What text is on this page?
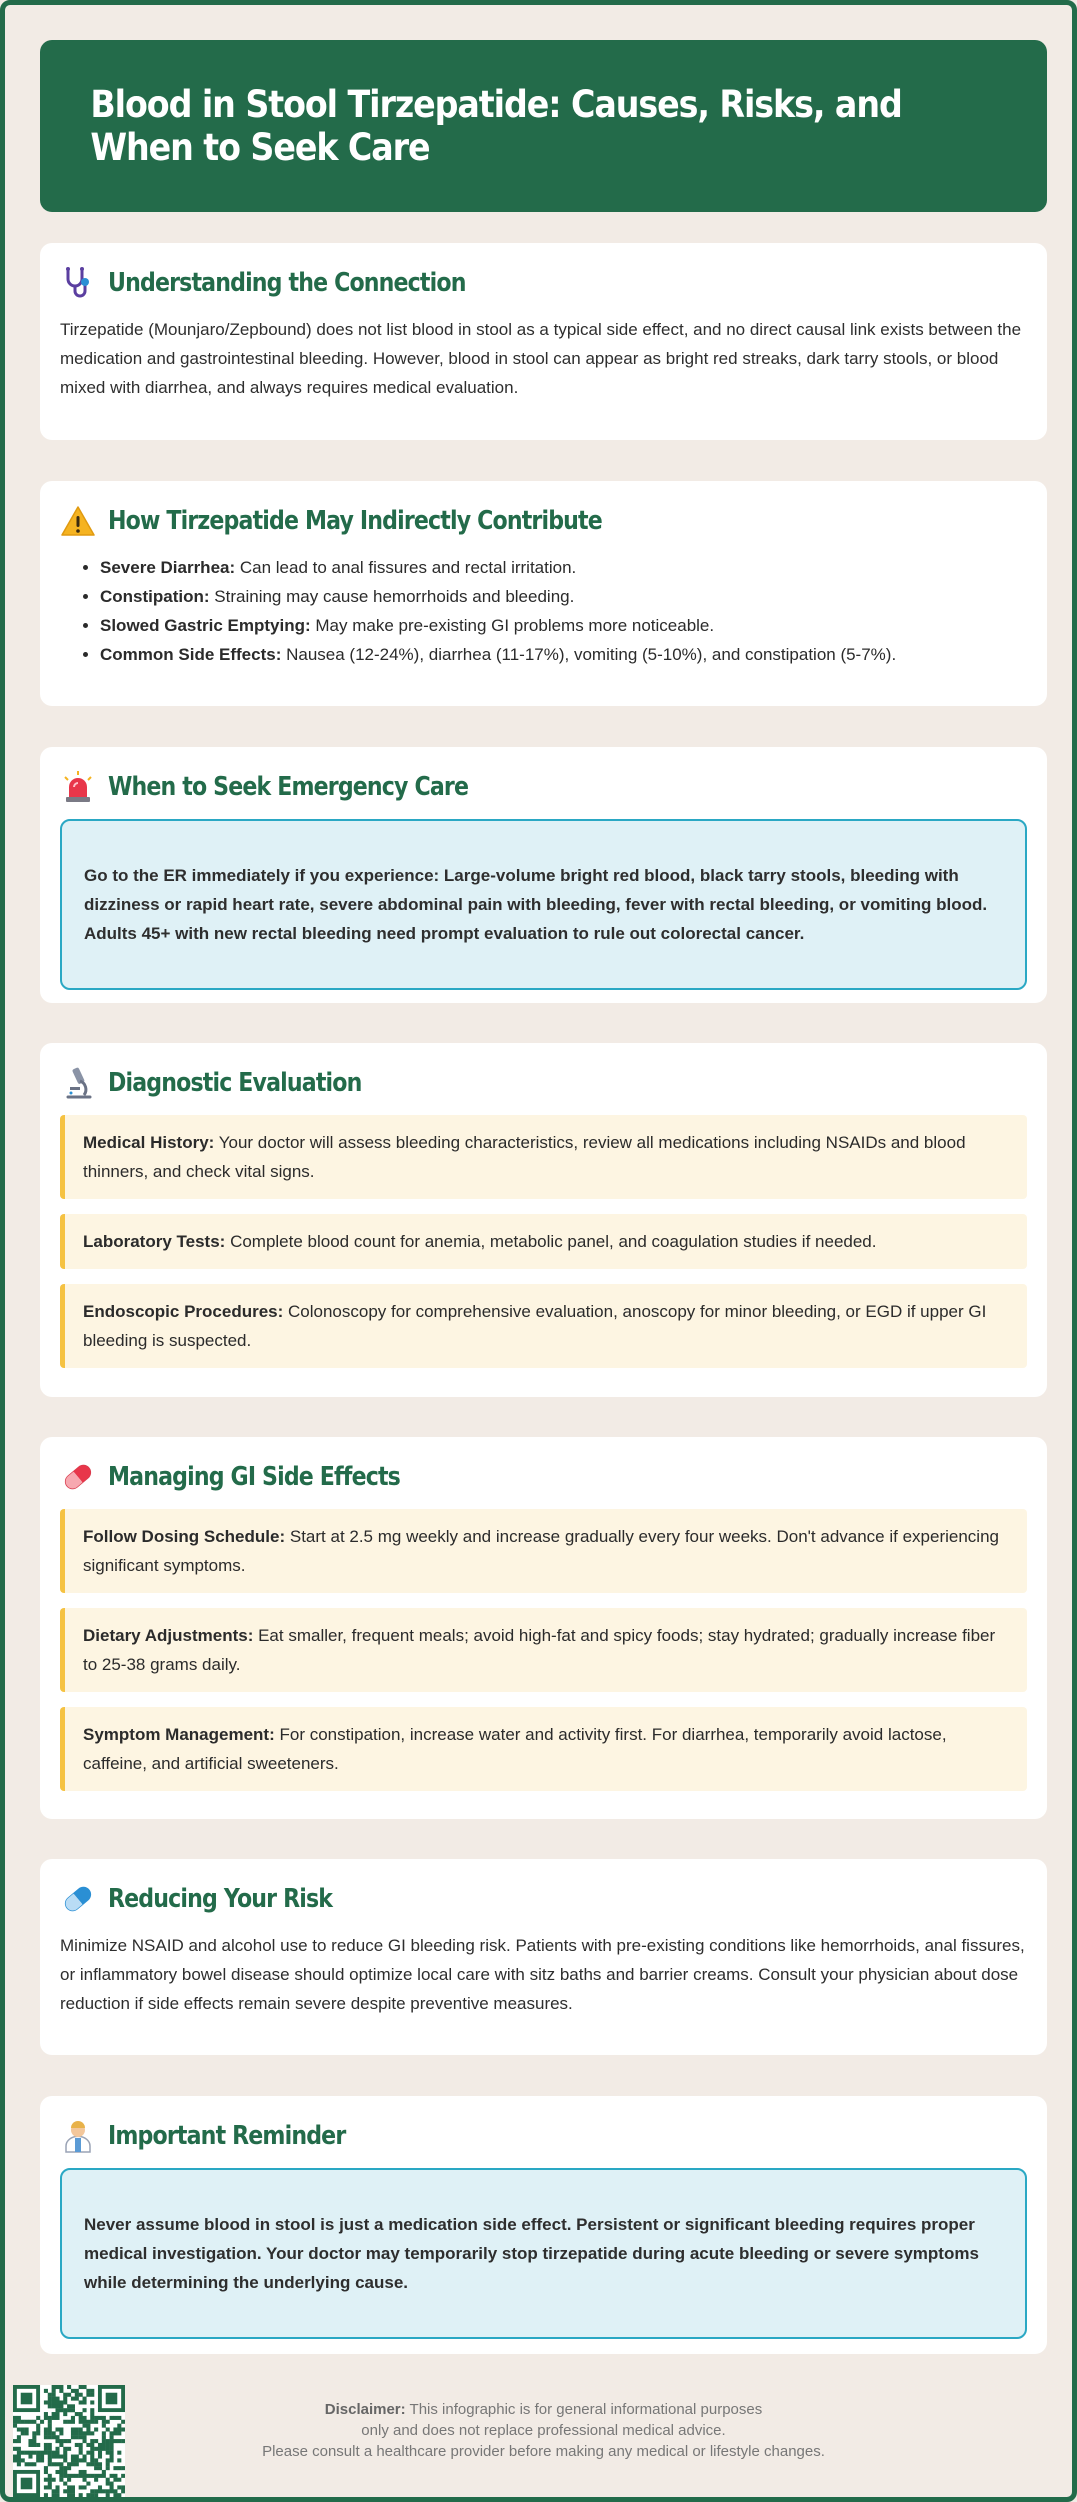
Blood in Stool Tirzepatide: Causes, Risks, and When to Seek Care
Understanding the Connection

Tirzepatide (Mounjaro/Zepbound) does not list blood in stool as a typical side effect, and no direct causal link exists between the medication and gastrointestinal bleeding. However, blood in stool can appear as bright red streaks, dark tarry stools, or blood mixed with diarrhea, and always requires medical evaluation.

How Tirzepatide May Indirectly Contribute
• Severe Diarrhea: Can lead to anal fissures and rectal irritation.
• Constipation: Straining may cause hemorrhoids and bleeding.
• Slowed Gastric Emptying: May make pre-existing GI problems more noticeable.
• Common Side Effects: Nausea (12-24%), diarrhea (11-17%), vomiting (5-10%), and constipation (5-7%).
When to Seek Emergency Care
Go to the ER immediately if you experience: Large-volume bright red blood, black tarry stools, bleeding with dizziness or rapid heart rate, severe abdominal pain with bleeding, fever with rectal bleeding, or vomiting blood. Adults 45+ with new rectal bleeding need prompt evaluation to rule out colorectal cancer.
Diagnostic Evaluation
Medical History: Your doctor will assess bleeding characteristics, review all medications including NSAIDs and blood thinners, and check vital signs.
Laboratory Tests: Complete blood count for anemia, metabolic panel, and coagulation studies if needed.
Endoscopic Procedures: Colonoscopy for comprehensive evaluation, anoscopy for minor bleeding, or EGD if upper GI bleeding is suspected.
Managing GI Side Effects
Follow Dosing Schedule: Start at 2.5 mg weekly and increase gradually every four weeks. Don't advance if experiencing significant symptoms.
Dietary Adjustments: Eat smaller, frequent meals; avoid high-fat and spicy foods; stay hydrated; gradually increase fiber to 25-38 grams daily.
Symptom Management: For constipation, increase water and activity first. For diarrhea, temporarily avoid lactose, caffeine, and artificial sweeteners.
Reducing Your Risk

Minimize NSAID and alcohol use to reduce GI bleeding risk. Patients with pre-existing conditions like hemorrhoids, anal fissures, or inflammatory bowel disease should optimize local care with sitz baths and barrier creams. Consult your physician about dose reduction if side effects remain severe despite preventive measures.

Important Reminder
Never assume blood in stool is just a medication side effect. Persistent or significant bleeding requires proper medical investigation. Your doctor may temporarily stop tirzepatide during acute bleeding or severe symptoms while determining the underlying cause.
Disclaimer: This infographic is for general informational purposes
only and does not replace professional medical advice.
Please consult a healthcare provider before making any medical or lifestyle changes.
